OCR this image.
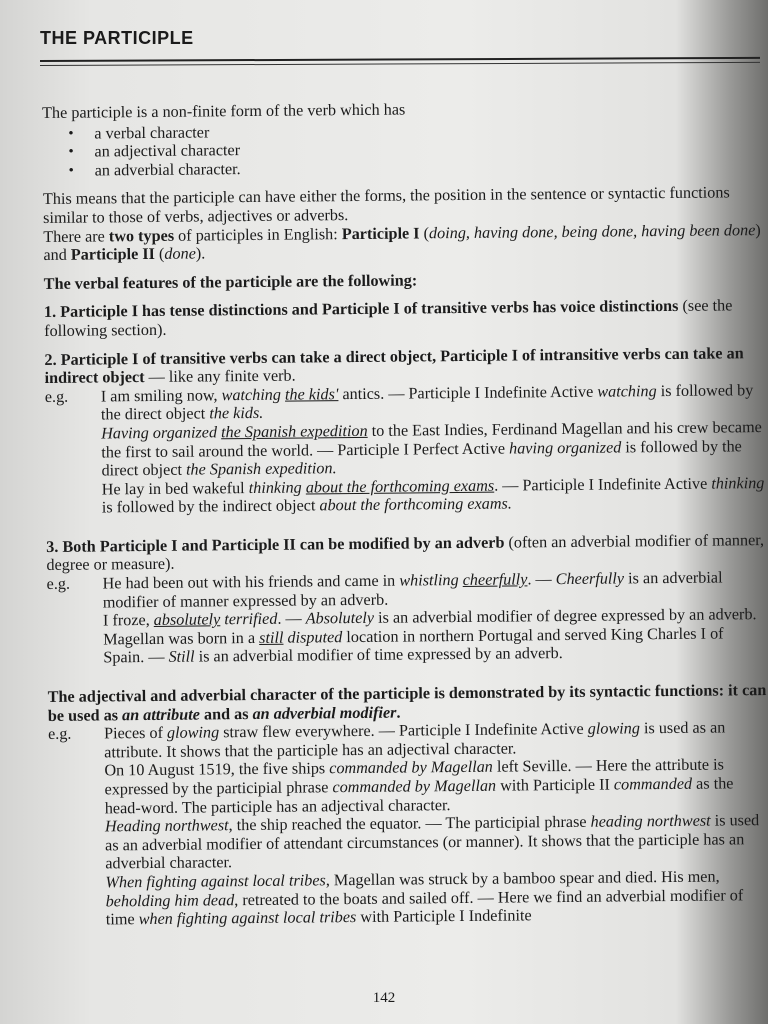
THE PARTICIPLE

The participle is a non-finite form of the verb which has

• a verbal character
• an adjectival character
• an adverbial character.

This means that the participle can have either the forms, the position in the sentence or syntactic functions similar to those of verbs, adjectives or adverbs.

There are two types of participles in English: Participle I (doing, having done, being done, having been done) and Participle II (done).

The verbal features of the participle are the following:

1. Participle I has tense distinctions and Participle I of transitive verbs has voice distinctions (see the following section).

2. Participle I of transitive verbs can take a direct object, Participle I of intransitive verbs can take an indirect object — like any finite verb.

e.g.	I am smiling now, watching the kids' antics. — Participle I Indefinite Active watching is followed by the direct object the kids.

Having organized the Spanish expedition to the East Indies, Ferdinand Magellan and his crew became the first to sail around the world. — Participle I Perfect Active having organized is followed by the direct object the Spanish expedition.

He lay in bed wakeful thinking about the forthcoming exams. — Participle I Indefinite Active thinking is followed by the indirect object about the forthcoming exams.

3. Both Participle I and Participle II can be modified by an adverb (often an adverbial modifier of manner, degree or measure).

e.g.	He had been out with his friends and came in whistling cheerfully. — Cheerfully is an adverbial modifier of manner expressed by an adverb.

I froze, absolutely terrified. — Absolutely is an adverbial modifier of degree expressed by an adverb.

Magellan was born in a still disputed location in northern Portugal and served King Charles I of Spain. — Still is an adverbial modifier of time expressed by an adverb.

The adjectival and adverbial character of the participle is demonstrated by its syntactic functions: it can be used as an attribute and as an adverbial modifier.

e.g.	Pieces of glowing straw flew everywhere. — Participle I Indefinite Active glowing is used as an attribute. It shows that the participle has an adjectival character.

On 10 August 1519, the five ships commanded by Magellan left Seville. — Here the attribute is expressed by the participial phrase commanded by Magellan with Participle II commanded as the head-word. The participle has an adjectival character.

Heading northwest, the ship reached the equator. — The participial phrase heading northwest is used as an adverbial modifier of attendant circumstances (or manner). It shows that the participle has an adverbial character.

When fighting against local tribes, Magellan was struck by a bamboo spear and died. His men, beholding him dead, retreated to the boats and sailed off. — Here we find an adverbial modifier of time when fighting against local tribes with Participle I Indefinite

142
